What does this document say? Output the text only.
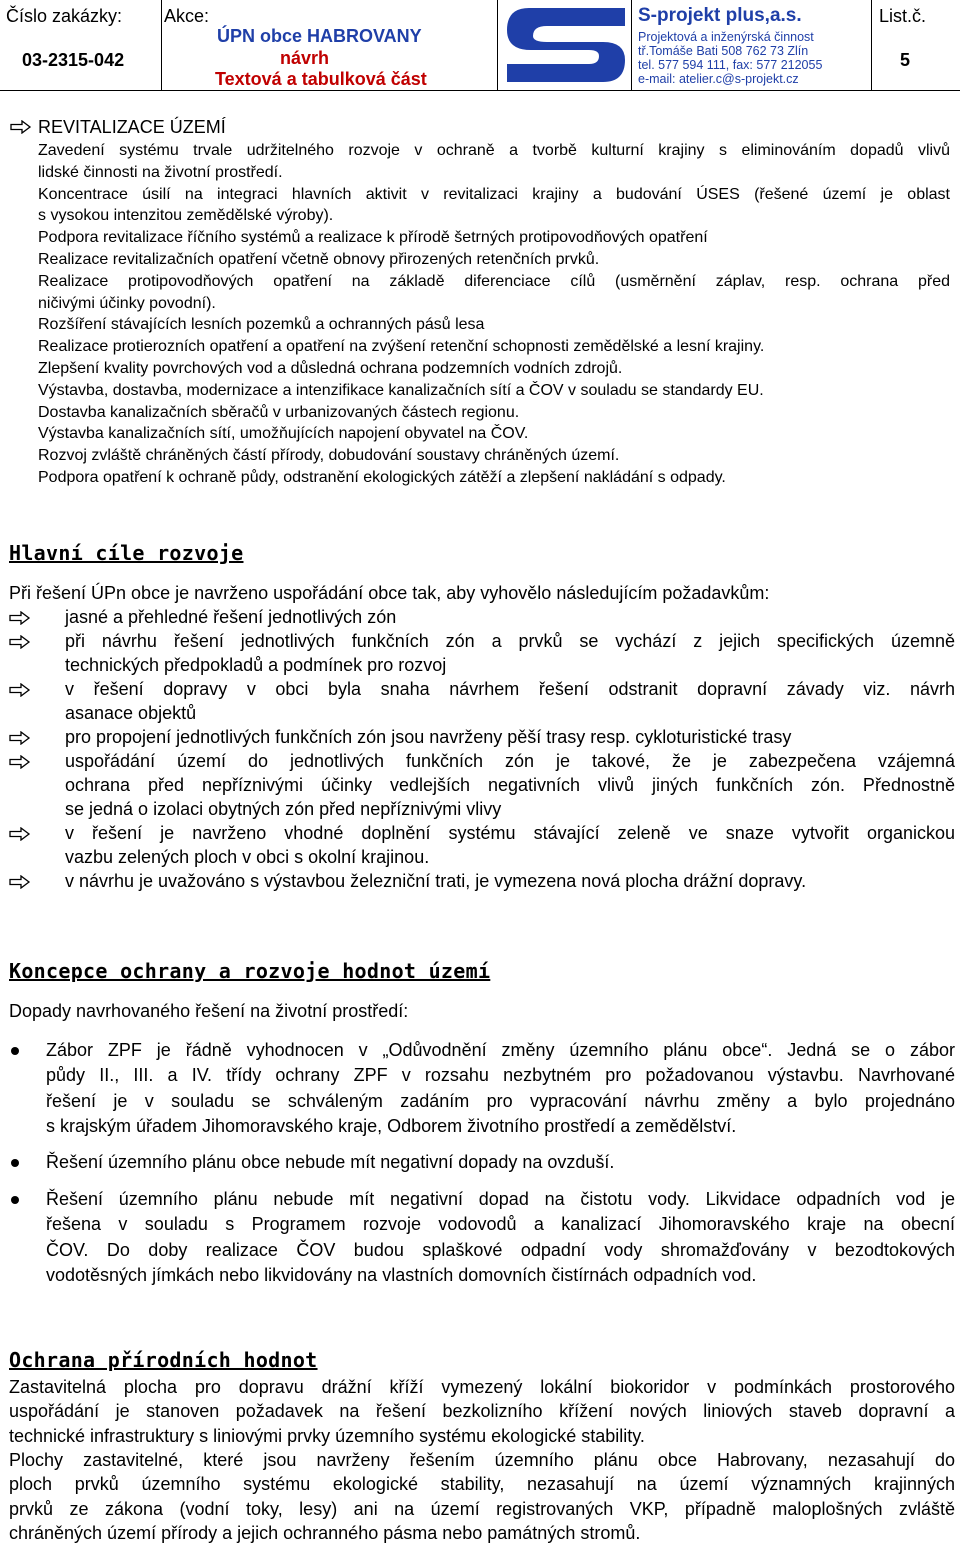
Číslo zakázky:
03-2315-042
Akce:
ÚPN obce HABROVANY
návrh
Textová a tabulková část
S-projekt plus,a.s.
Projektová a inženýrská činnost
tř.Tomáše Bati 508 762 73 Zlín
tel. 577 594 111, fax: 577 212055
e-mail: atelier.c@s-projekt.cz
List.č.
5
REVITALIZACE ÚZEMÍ
Zavedení systému trvale udržitelného rozvoje v ochraně a tvorbě kulturní krajiny s eliminováním dopadů vlivů
lidské činnosti na životní prostředí.
Koncentrace úsilí na integraci hlavních aktivit v revitalizaci krajiny a budování ÚSES (řešené území je oblast
s vysokou intenzitou zemědělské výroby).
Podpora revitalizace říčního systémů a realizace k přírodě šetrných protipovodňových opatření
Realizace revitalizačních opatření včetně obnovy přirozených retenčních prvků.
Realizace protipovodňových opatření na základě diferenciace cílů (usměrnění záplav, resp. ochrana před
ničivými účinky povodní).
Rozšíření stávajících lesních pozemků a ochranných pásů lesa
Realizace protierozních opatření a opatření na zvýšení retenční schopnosti zemědělské a lesní krajiny.
Zlepšení kvality povrchových vod a důsledná ochrana podzemních vodních zdrojů.
Výstavba, dostavba, modernizace a intenzifikace kanalizačních sítí a ČOV v souladu se standardy EU.
Dostavba kanalizačních sběračů v urbanizovaných částech regionu.
Výstavba kanalizačních sítí, umožňujících napojení obyvatel na ČOV.
Rozvoj zvláště chráněných částí přírody, dobudování soustavy chráněných území.
Podpora opatření k ochraně půdy, odstranění ekologických zátěží a zlepšení nakládání s odpady.
Hlavní cíle rozvoje
Při řešení ÚPn obce je navrženo uspořádání obce tak, aby vyhovělo následujícím požadavkům:
jasné a přehledné řešení jednotlivých zón
při návrhu řešení jednotlivých funkčních zón a prvků se vychází z jejich specifických územně
technických předpokladů a podmínek pro rozvoj
v řešení dopravy v obci byla snaha návrhem řešení odstranit dopravní závady viz. návrh
asanace objektů
pro propojení jednotlivých funkčních zón jsou navrženy pěší trasy resp. cykloturistické trasy
uspořádání území do jednotlivých funkčních zón je takové, že je zabezpečena vzájemná
ochrana před nepříznivými účinky vedlejších negativních vlivů jiných funkčních zón. Přednostně
se jedná o izolaci obytných zón před nepříznivými vlivy
v řešení je navrženo vhodné doplnění systému stávající zeleně ve snaze vytvořit organickou
vazbu zelených ploch v obci s okolní krajinou.
v návrhu je uvažováno s výstavbou železniční trati, je vymezena nová plocha drážní dopravy.
Koncepce ochrany a rozvoje hodnot území
Dopady navrhovaného řešení na životní prostředí:
Zábor ZPF je řádně vyhodnocen v „Odůvodnění změny územního plánu obce“. Jedná se o zábor
půdy II., III. a IV. třídy ochrany ZPF v rozsahu nezbytném pro požadovanou výstavbu. Navrhované
řešení je v souladu se schváleným zadáním pro vypracování návrhu změny a bylo projednáno
s krajským úřadem Jihomoravského kraje, Odborem životního prostředí a zemědělství.
Řešení územního plánu obce nebude mít negativní dopady na ovzduší.
Řešení územního plánu nebude mít negativní dopad na čistotu vody. Likvidace odpadních vod je
řešena v souladu s Programem rozvoje vodovodů a kanalizací Jihomoravského kraje na obecní
ČOV. Do doby realizace ČOV budou splaškové odpadní vody shromažďovány v bezodtokových
vodotěsných jímkách nebo likvidovány na vlastních domovních čistírnách odpadních vod.
Ochrana přírodních hodnot
Zastavitelná plocha pro dopravu drážní kříží vymezený lokální biokoridor v podmínkách prostorového
uspořádání je stanoven požadavek na řešení bezkolizního křížení nových liniových staveb dopravní a
technické infrastruktury s liniovými prvky územního systému ekologické stability.
Plochy zastavitelné, které jsou navrženy řešením územního plánu obce Habrovany, nezasahují do
ploch prvků územního systému ekologické stability, nezasahují na území významných krajinných
prvků ze zákona (vodní toky, lesy) ani na území registrovaných VKP, případně maloplošných zvláště
chráněných území přírody a jejich ochranného pásma nebo památných stromů.
